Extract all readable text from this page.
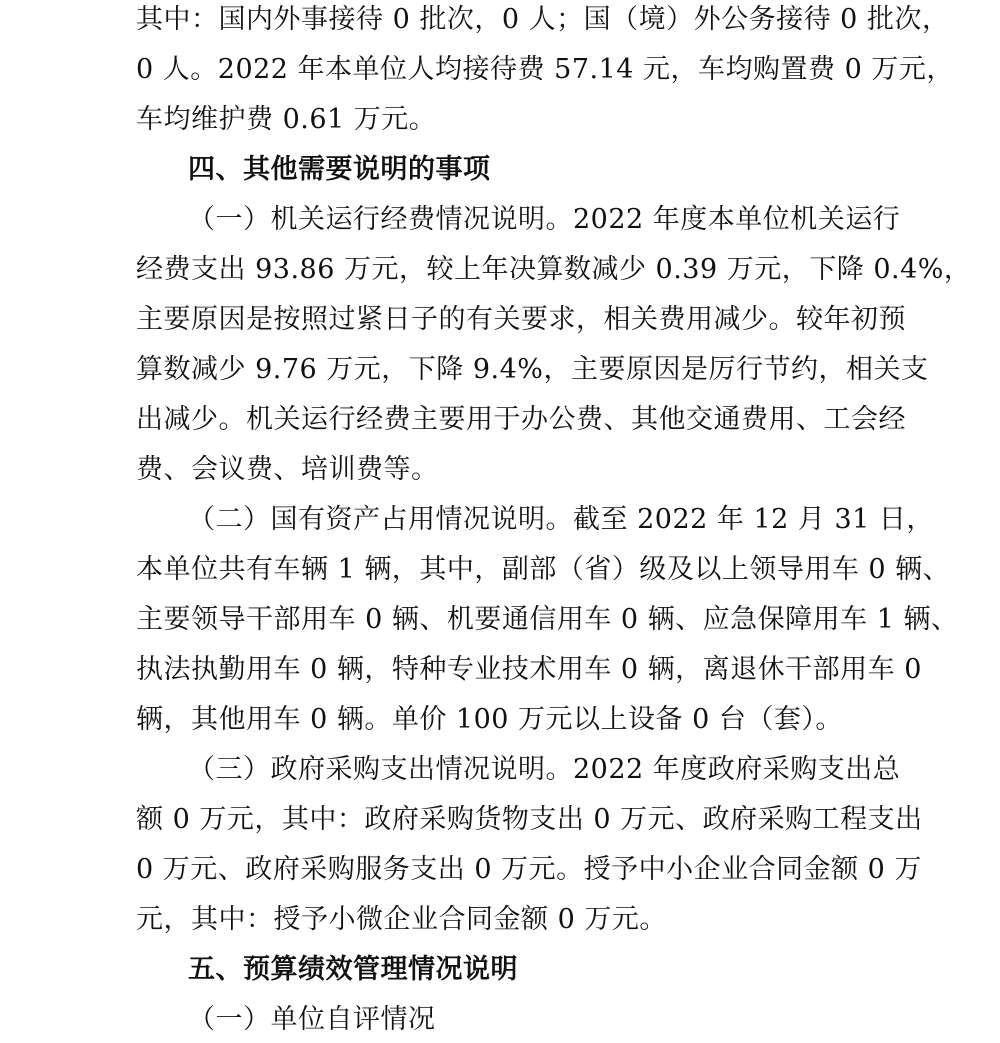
其中：国内外事接待 0 批次，0 人；国（境）外公务接待 0 批次，
0 人。2022 年本单位人均接待费 57.14 元，车均购置费 0 万元，
车均维护费 0.61 万元。
四、其他需要说明的事项
（一）机关运行经费情况说明。2022 年度本单位机关运行
经费支出 93.86 万元，较上年决算数减少 0.39 万元，下降 0.4%，
主要原因是按照过紧日子的有关要求，相关费用减少。较年初预
算数减少 9.76 万元，下降 9.4%，主要原因是厉行节约，相关支
出减少。机关运行经费主要用于办公费、其他交通费用、工会经
费、会议费、培训费等。
（二）国有资产占用情况说明。截至 2022 年 12 月 31 日，
本单位共有车辆 1 辆，其中，副部（省）级及以上领导用车 0 辆、
主要领导干部用车 0 辆、机要通信用车 0 辆、应急保障用车 1 辆、
执法执勤用车 0 辆，特种专业技术用车 0 辆，离退休干部用车 0
辆，其他用车 0 辆。单价 100 万元以上设备 0 台（套）。
（三）政府采购支出情况说明。2022 年度政府采购支出总
额 0 万元，其中：政府采购货物支出 0 万元、政府采购工程支出
0 万元、政府采购服务支出 0 万元。授予中小企业合同金额 0 万
元，其中：授予小微企业合同金额 0 万元。
五、预算绩效管理情况说明
（一）单位自评情况
